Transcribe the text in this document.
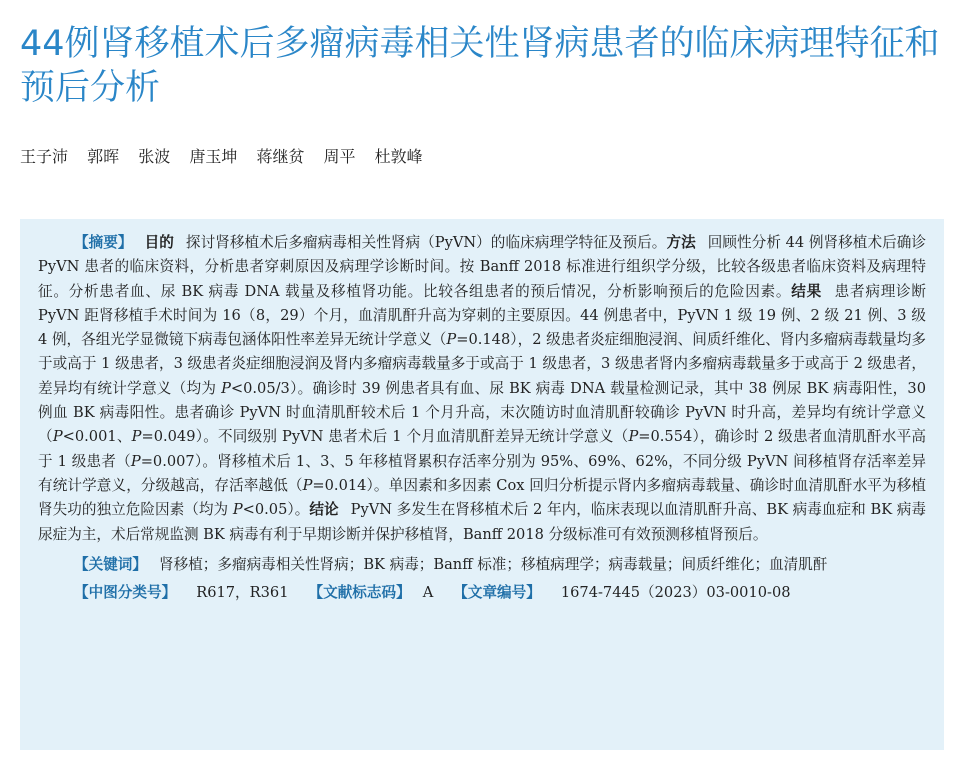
44例肾移植术后多瘤病毒相关性肾病患者的临床病理特征和预后分析
王子沛 郭晖 张波 唐玉坤 蒋继贫 周平 杜敦峰

【摘要】 目的 探讨肾移植术后多瘤病毒相关性肾病（PyVN）的临床病理学特征及预后。方法 回顾性分析 44 例肾移植术后确诊 PyVN 患者的临床资料，分析患者穿刺原因及病理学诊断时间。按 Banff 2018 标准进行组织学分级，比较各级患者临床资料及病理特征。分析患者血、尿 BK 病毒 DNA 载量及移植肾功能。比较各组患者的预后情况，分析影响预后的危险因素。结果 患者病理诊断 PyVN 距肾移植手术时间为 16（8，29）个月，血清肌酐升高为穿刺的主要原因。44 例患者中，PyVN 1 级 19 例、2 级 21 例、3 级 4 例，各组光学显微镜下病毒包涵体阳性率差异无统计学意义（P=0.148），2 级患者炎症细胞浸润、间质纤维化、肾内多瘤病毒载量均多于或高于 1 级患者，3 级患者炎症细胞浸润及肾内多瘤病毒载量多于或高于 1 级患者，3 级患者肾内多瘤病毒载量多于或高于 2 级患者，差异均有统计学意义（均为 P<0.05/3）。确诊时 39 例患者具有血、尿 BK 病毒 DNA 载量检测记录，其中 38 例尿 BK 病毒阳性，30 例血 BK 病毒阳性。患者确诊 PyVN 时血清肌酐较术后 1 个月升高，末次随访时血清肌酐较确诊 PyVN 时升高，差异均有统计学意义（P<0.001、P=0.049）。不同级别 PyVN 患者术后 1 个月血清肌酐差异无统计学意义（P=0.554），确诊时 2 级患者血清肌酐水平高于 1 级患者（P=0.007）。肾移植术后 1、3、5 年移植肾累积存活率分别为 95%、69%、62%，不同分级 PyVN 间移植肾存活率差异有统计学意义，分级越高，存活率越低（P=0.014）。单因素和多因素 Cox 回归分析提示肾内多瘤病毒载量、确诊时血清肌酐水平为移植肾失功的独立危险因素（均为 P<0.05）。结论 PyVN 多发生在肾移植术后 2 年内，临床表现以血清肌酐升高、BK 病毒血症和 BK 病毒尿症为主，术后常规监测 BK 病毒有利于早期诊断并保护移植肾，Banff 2018 分级标准可有效预测移植肾预后。

【关键词】 肾移植；多瘤病毒相关性肾病；BK 病毒；Banff 标准；移植病理学；病毒载量；间质纤维化；血清肌酐

【中图分类号】 R617，R361 【文献标志码】 A 【文章编号】 1674-7445（2023）03-0010-08
